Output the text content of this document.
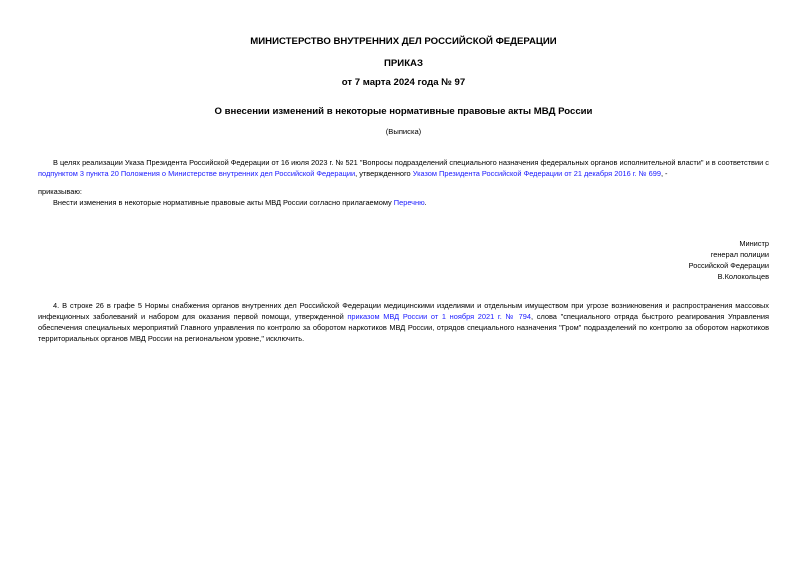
МИНИСТЕРСТВО ВНУТРЕННИХ ДЕЛ РОССИЙСКОЙ ФЕДЕРАЦИИ
ПРИКАЗ
от 7 марта 2024 года № 97
О внесении изменений в некоторые нормативные правовые акты МВД России
(Выписка)
В целях реализации Указа Президента Российской Федерации от 16 июля 2023 г. № 521 "Вопросы подразделений специального назначения федеральных органов исполнительной власти" и в соответствии с подпунктом 3 пункта 20 Положения о Министерстве внутренних дел Российской Федерации, утвержденного Указом Президента Российской Федерации от 21 декабря 2016 г. № 699, -
приказываю:
Внести изменения в некоторые нормативные правовые акты МВД России согласно прилагаемому Перечню.
Министр
генерал полиции
Российской Федерации
В.Колокольцев
4. В строке 26 в графе 5 Нормы снабжения органов внутренних дел Российской Федерации медицинскими изделиями и отдельным имуществом при угрозе возникновения и распространения массовых инфекционных заболеваний и набором для оказания первой помощи, утвержденной приказом МВД России от 1 ноября 2021 г. № 794, слова "специального отряда быстрого реагирования Управления обеспечения специальных мероприятий Главного управления по контролю за оборотом наркотиков МВД России, отрядов специального назначения "Гром" подразделений по контролю за оборотом наркотиков территориальных органов МВД России на региональном уровне," исключить.
